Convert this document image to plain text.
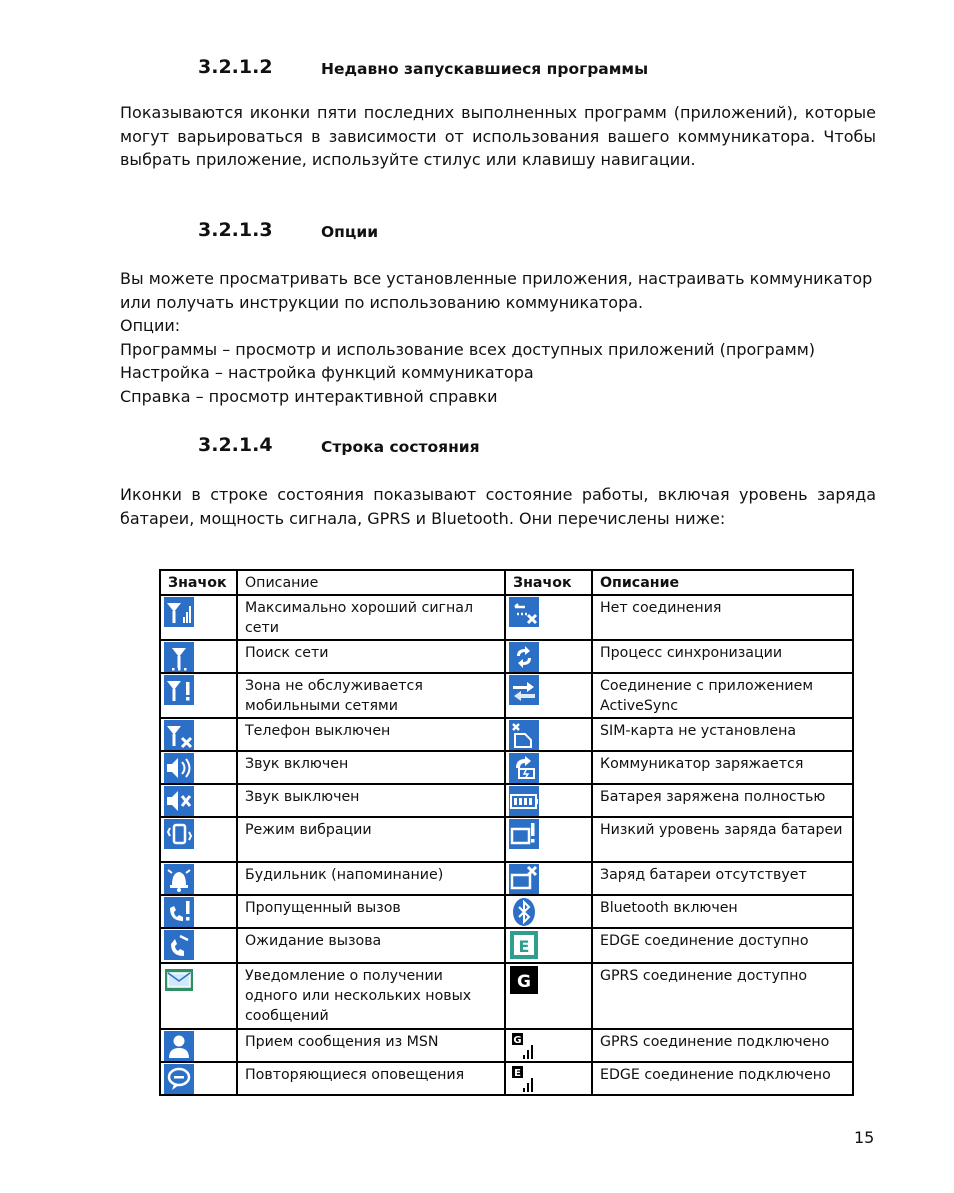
3.2.1.2	Недавно запускавшиеся программы

Показываются иконки пяти последних выполненных программ (приложений), которые могут варьироваться в зависимости от использования вашего коммуникатора. Чтобы выбрать приложение, используйте стилус или клавишу навигации.

3.2.1.3	Опции

Вы можете просматривать все установленные приложения, настраивать коммуникатор или получать инструкции по использованию коммуникатора.

Опции:

Программы – просмотр и использование всех доступных приложений (программ)

Настройка – настройка функций коммуникатора

Справка – просмотр интерактивной справки

3.2.1.4	Строка состояния

Иконки в строке состояния показывают состояние работы, включая уровень заряда батареи, мощность сигнала, GPRS и Bluetooth. Они перечислены ниже:

Значок	Описание	Значок	Описание

	Максимально хороший сигнал сети		Нет соединения

	Поиск сети		Процесс синхронизации

	Зона не обслуживается мобильными сетями		Соединение с приложением ActiveSync

	Телефон выключен		SIM-карта не установлена

	Звук включен		Коммуникатор заряжается

	Звук выключен		Батарея заряжена полностью

	Режим вибрации		Низкий уровень заряда батареи

	Будильник (напоминание)		Заряд батареи отсутствует

	Пропущенный вызов		Bluetooth включен

	Ожидание вызова	E	EDGE соединение доступно

	Уведомление о получении одного или нескольких новых сообщений	G	GPRS соединение доступно

	Прием сообщения из MSN	G	GPRS соединение подключено

	Повторяющиеся оповещения	E	EDGE соединение подключено
15
